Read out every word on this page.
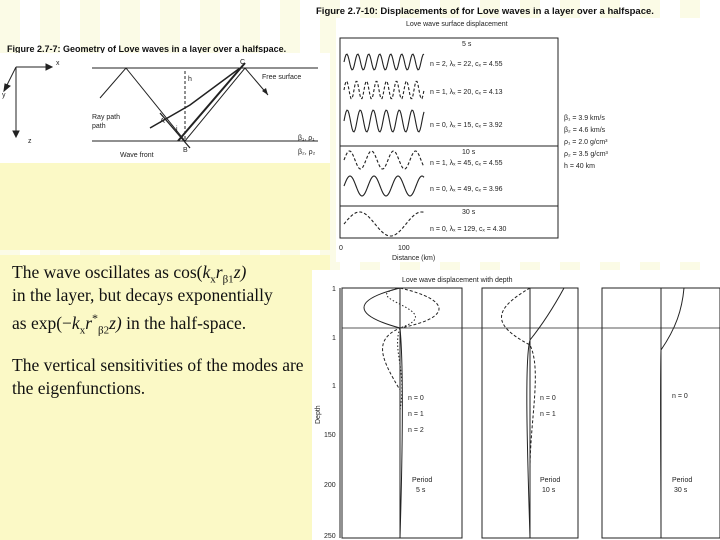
Figure 2.7-7: Geometry of Love waves in a layer over a halfspace.
Figure 2.7-10: Displacements of for Love waves in a layer over a halfspace.
x
y
z
Free surface
β₁, ρ₁
β₂, ρ₂
h
j
C
A
B
Ray path
path
Wave front
Love wave surface displacement
5 s
10 s
30 s
n = 2, λₓ = 22, cₓ = 4.55
n = 1, λₓ = 20, cₓ = 4.13
n = 0, λₓ = 15, cₓ = 3.92
n = 1, λₓ = 45, cₓ = 4.55
n = 0, λₓ = 49, cₓ = 3.96
n = 0, λₓ = 129, cₓ = 4.30
0	100
Distance (km)
β₁ = 3.9 km/s
β₂ = 4.6 km/s
ρ₁ = 2.0 g/cm³
ρ₂ = 3.5 g/cm³
h = 40 km
Love wave displacement with depth
Depth
1
1
1
150
200
250
n = 0
n = 1
n = 2
n = 0
n = 1
n = 0
Period
5 s
Period
10 s
Period
30 s
The wave oscillates as $\cos(k_xr_{\beta 1}z)$
in the layer, but decays exponentially
as $\exp(-k_xr^*_{\beta 2}z)$ in the half-space.
The vertical sensitivities of the modes are
the eigenfunctions.
